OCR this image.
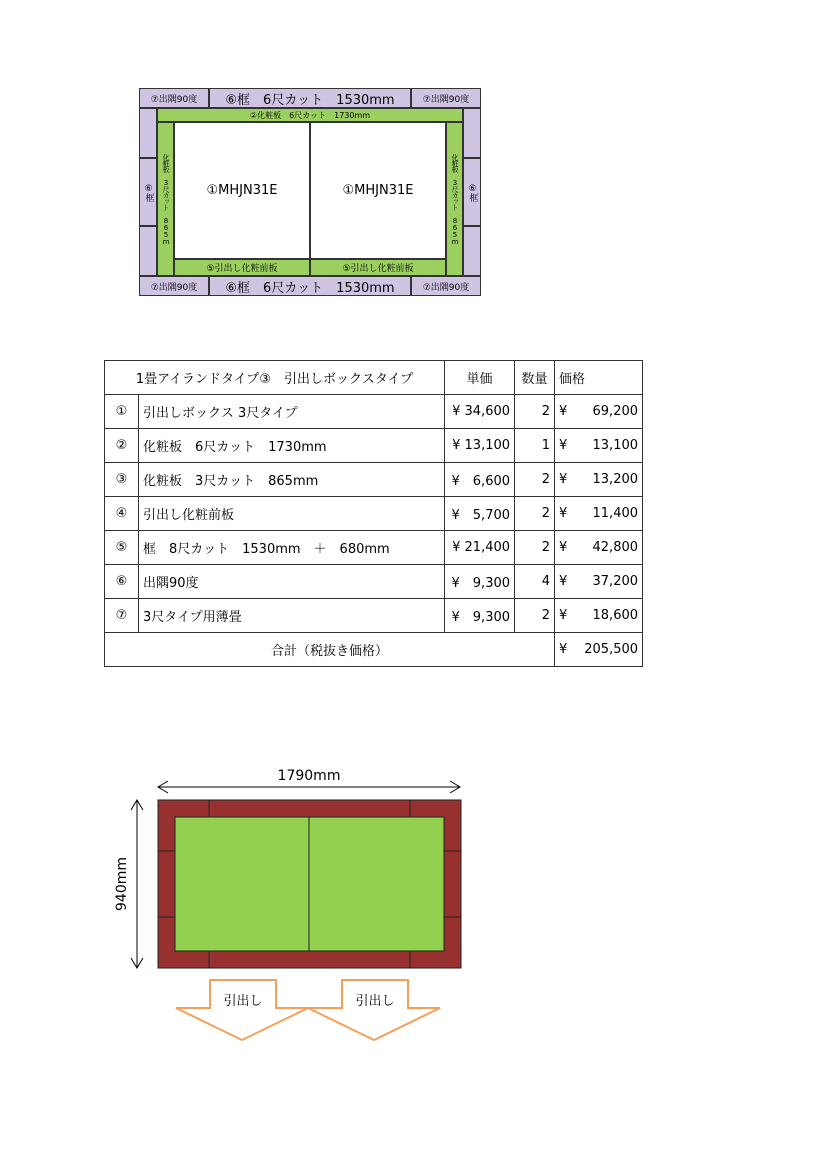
⑦出隅90度	⑥框　6尺カット　1530mm	⑦出隅90度
⑥框	⑥框
②化粧板　6尺カット　1730mm
化粧板 3尺カット 865m	化粧板 3尺カット 865m
①MHJN31E	①MHJN31E
⑤引出し化粧前板	⑤引出し化粧前板
⑦出隅90度	⑥框　6尺カット　1530mm	⑦出隅90度
1畳アイランドタイプ③　引出しボックスタイプ		単価	数量	価格
①	引出しボックス 3尺タイプ	¥ 34,600	2	¥ 69,200

②	化粧板　6尺カット　1730mm	¥ 13,100	1	¥ 13,100

③	化粧板　3尺カット　865mm	¥　6,600	2	¥ 13,200

④	引出し化粧前板	¥　5,700	2	¥ 11,400

⑤	框　8尺カット　1530mm　＋　680mm	¥ 21,400	2	¥ 42,800

⑥	出隅90度	¥　9,300	4	¥ 37,200

⑦	3尺タイプ用薄畳	¥　9,300	2	¥ 18,600

合計（税抜き価格）				¥ 205,500
1790mm
940mm
引出し	引出し
